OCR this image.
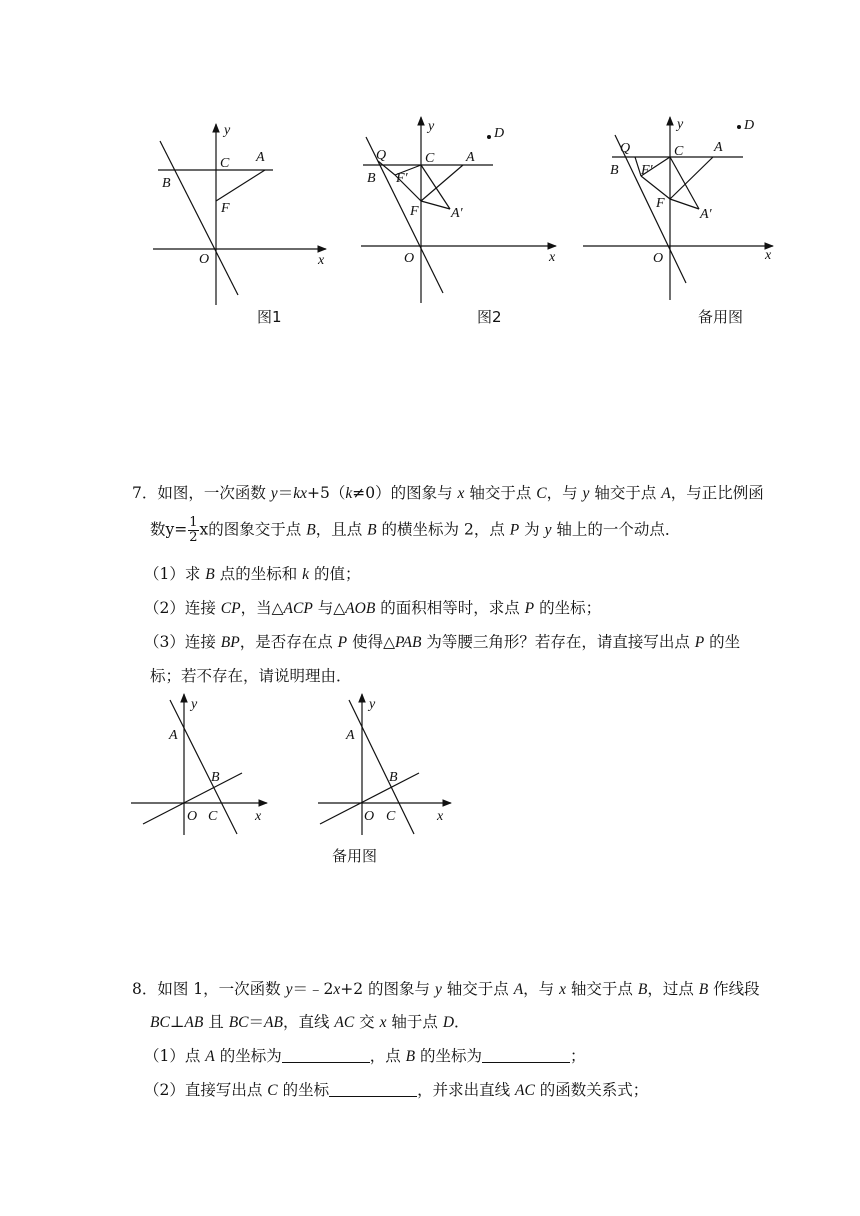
y
C A
B
F
O	x
图1
y	D
Q	C A
B F′
F A′
O	x
图2
y	D
Q	C A
B F′
F
A′
O	x
备用图
7．如图，一次函数 y＝kx+5（k≠0）的图象与 x 轴交于点 C，与 y 轴交于点 A，与正比例函
数$y= \frac{1}{2}$ x的图象交于点 B，且点 B 的横坐标为 2，点 P 为 y 轴上的一个动点．
（1）求 B 点的坐标和 k 的值；
（2）连接 CP，当△ACP 与△AOB 的面积相等时，求点 P 的坐标；
（3）连接 BP，是否存在点 P 使得△PAB 为等腰三角形？若存在，请直接写出点 P 的坐
标；若不存在，请说明理由．
y
A
B
O C	x
y
A
B
O C	x
备用图
8．如图 1，一次函数 y＝﹣2x+2 的图象与 y 轴交于点 A，与 x 轴交于点 B，过点 B 作线段
BC⊥AB 且 BC＝AB，直线 AC 交 x 轴于点 D．
（1）点 A 的坐标为	，点 B 的坐标为	；
（2）直接写出点 C 的坐标	，并求出直线 AC 的函数关系式；
